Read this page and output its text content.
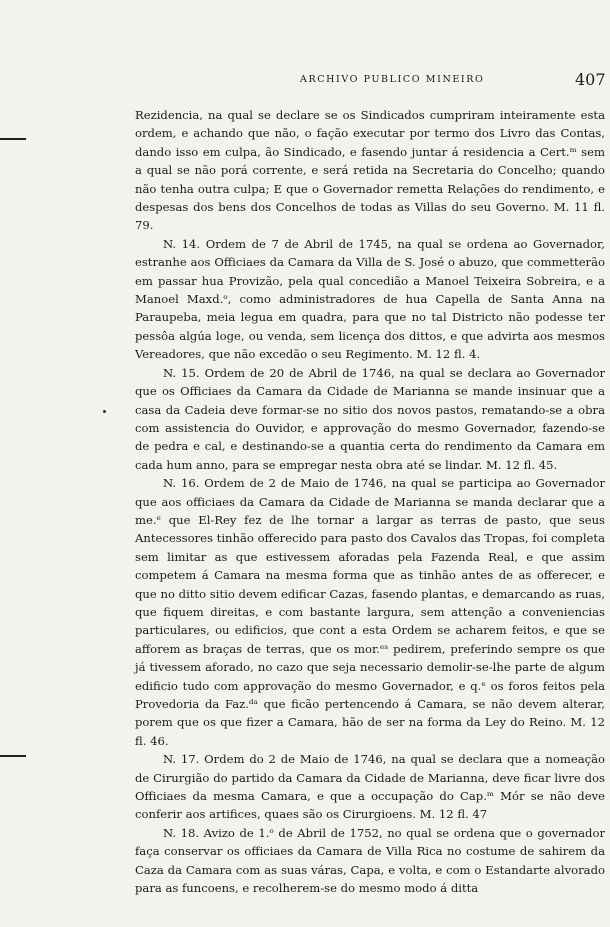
ARCHIVO PUBLICO MINEIRO	407

Rezidencia, na qual se declare se os Sindicados cumpriram inteiramente esta ordem, e achando que não, o fação executar por termo dos Livro das Contas, dando isso em culpa, ão Sindicado, e fasendo juntar á residencia a Cert.ᵐ sem a qual se não porá corrente, e será retida na Secretaria do Concelho; quando não tenha outra culpa; E que o Governador remetta Relações do rendimento, e despesas dos bens dos Concelhos de todas as Villas do seu Governo. M. 11 fl. 79.

N. 14. Ordem de 7 de Abril de 1745, na qual se ordena ao Governador, estranhe aos Officiaes da Camara da Villa de S. José o abuzo, que commetterão em passar hua Provizão, pela qual concedião a Manoel Teixeira Sobreira, e a Manoel Maxd.ᵒ, como administradores de hua Capella de Santa Anna na Paraupeba, meia legua em quadra, para que no tal Districto não podesse ter pessôa algúa loge, ou venda, sem licença dos dittos, e que advirta aos mesmos Vereadores, que não excedão o seu Regimento. M. 12 fl. 4.

N. 15. Ordem de 20 de Abril de 1746, na qual se declara ao Governador que os Officiaes da Camara da Cidade de Marianna se mande insinuar que a casa da Cadeia deve formar-se no sitio dos novos pastos, rematando-se a obra com assistencia do Ouvidor, e approvação do mesmo Governador, fazendo-se de pedra e cal, e destinando-se a quantia certa do rendimento da Camara em cada hum anno, para se empregar nesta obra até se lindar. M. 12 fl. 45.

N. 16. Ordem de 2 de Maio de 1746, na qual se participa ao Governador que aos officiaes da Camara da Cidade de Marianna se manda declarar que a me.ᵉ que El-Rey fez de lhe tornar a largar as terras de pasto, que seus Antecessores tinhão offerecido para pasto dos Cavalos das Tropas, foi completa sem limitar as que estivessem aforadas pela Fazenda Real, e que assim competem á Camara na mesma forma que as tinhão antes de as offerecer, e que no ditto sitio devem edificar Cazas, fasendo plantas, e demarcando as ruas, que fiquem direitas, e com bastante largura, sem attenção a conveniencias particulares, ou edificios, que cont a esta Ordem se acharem feitos, e que se afforem as braças de terras, que os mor.ᵉˢ pedirem, preferindo sempre os que já tivessem aforado, no cazo que seja necessario demolir-se-lhe parte de algum edificio tudo com approvação do mesmo Governador, e q.ᵉ os foros feitos pela Provedoria da Faz.ᵈᵃ que ficão pertencendo á Camara, se não devem alterar, porem que os que fizer a Camara, hão de ser na forma da Ley do Reino. M. 12 fl. 46.

N. 17. Ordem do 2 de Maio de 1746, na qual se declara que a nomeação de Cirurgião do partido da Camara da Cidade de Marianna, deve ficar livre dos Officiaes da mesma Camara, e que a occupação do Cap.ᵐ Mór se não deve conferir aos artifices, quaes são os Cirurgioens. M. 12 fl. 47

N. 18. Avizo de 1.ᵒ de Abril de 1752, no qual se ordena que o governador faça conservar os officiaes da Camara de Villa Rica no costume de sahirem da Caza da Camara com as suas váras, Capa, e volta, e com o Estandarte alvorado para as funcoens, e recolherem-se do mesmo modo á ditta
